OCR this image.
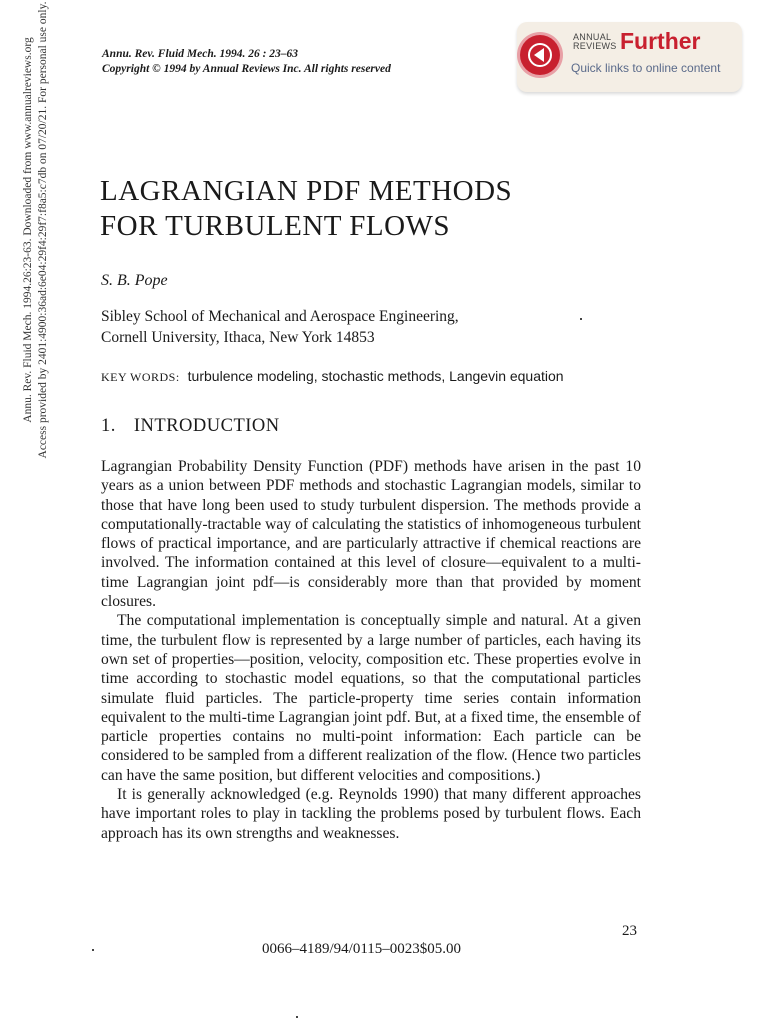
Annu. Rev. Fluid Mech. 1994. 26 : 23–63
Copyright © 1994 by Annual Reviews Inc. All rights reserved
ANNUAL
REVIEWS Further
Quick links to online content
Annu. Rev. Fluid Mech. 1994.26:23-63. Downloaded from www.annualreviews.org Access provided by 2401:4900:36ad:6e04:29f4:29f7:f8a5:c7db on 07/20/21. For personal use only. LAGRANGIAN PDF METHODS
FOR TURBULENT FLOWS
S. B. Pope
Sibley School of Mechanical and Aerospace Engineering,
Cornell University, Ithaca, New York 14853
KEY WORDS: turbulence modeling, stochastic methods, Langevin equation
1. INTRODUCTION

Lagrangian Probability Density Function (PDF) methods have arisen in the past 10 years as a union between PDF methods and stochastic Lagrangian models, similar to those that have long been used to study turbulent dispersion. The methods provide a computationally-tractable way of calculating the statistics of inhomogeneous turbulent flows of practical importance, and are particularly attractive if chemical reactions are involved. The information contained at this level of closure—equivalent to a multi-time Lagrangian joint pdf—is considerably more than that provided by moment closures.

The computational implementation is conceptually simple and natural. At a given time, the turbulent flow is represented by a large number of particles, each having its own set of properties—position, velocity, composition etc. These properties evolve in time according to stochastic model equations, so that the computational particles simulate fluid particles. The particle-property time series contain information equivalent to the multi-time Lagrangian joint pdf. But, at a fixed time, the ensemble of particle properties contains no multi-point information: Each particle can be considered to be sampled from a different realization of the flow. (Hence two particles can have the same position, but different velocities and compositions.)

It is generally acknowledged (e.g. Reynolds 1990) that many different approaches have important roles to play in tackling the problems posed by turbulent flows. Each approach has its own strengths and weaknesses.

23
0066–4189/94/0115–0023$05.00
